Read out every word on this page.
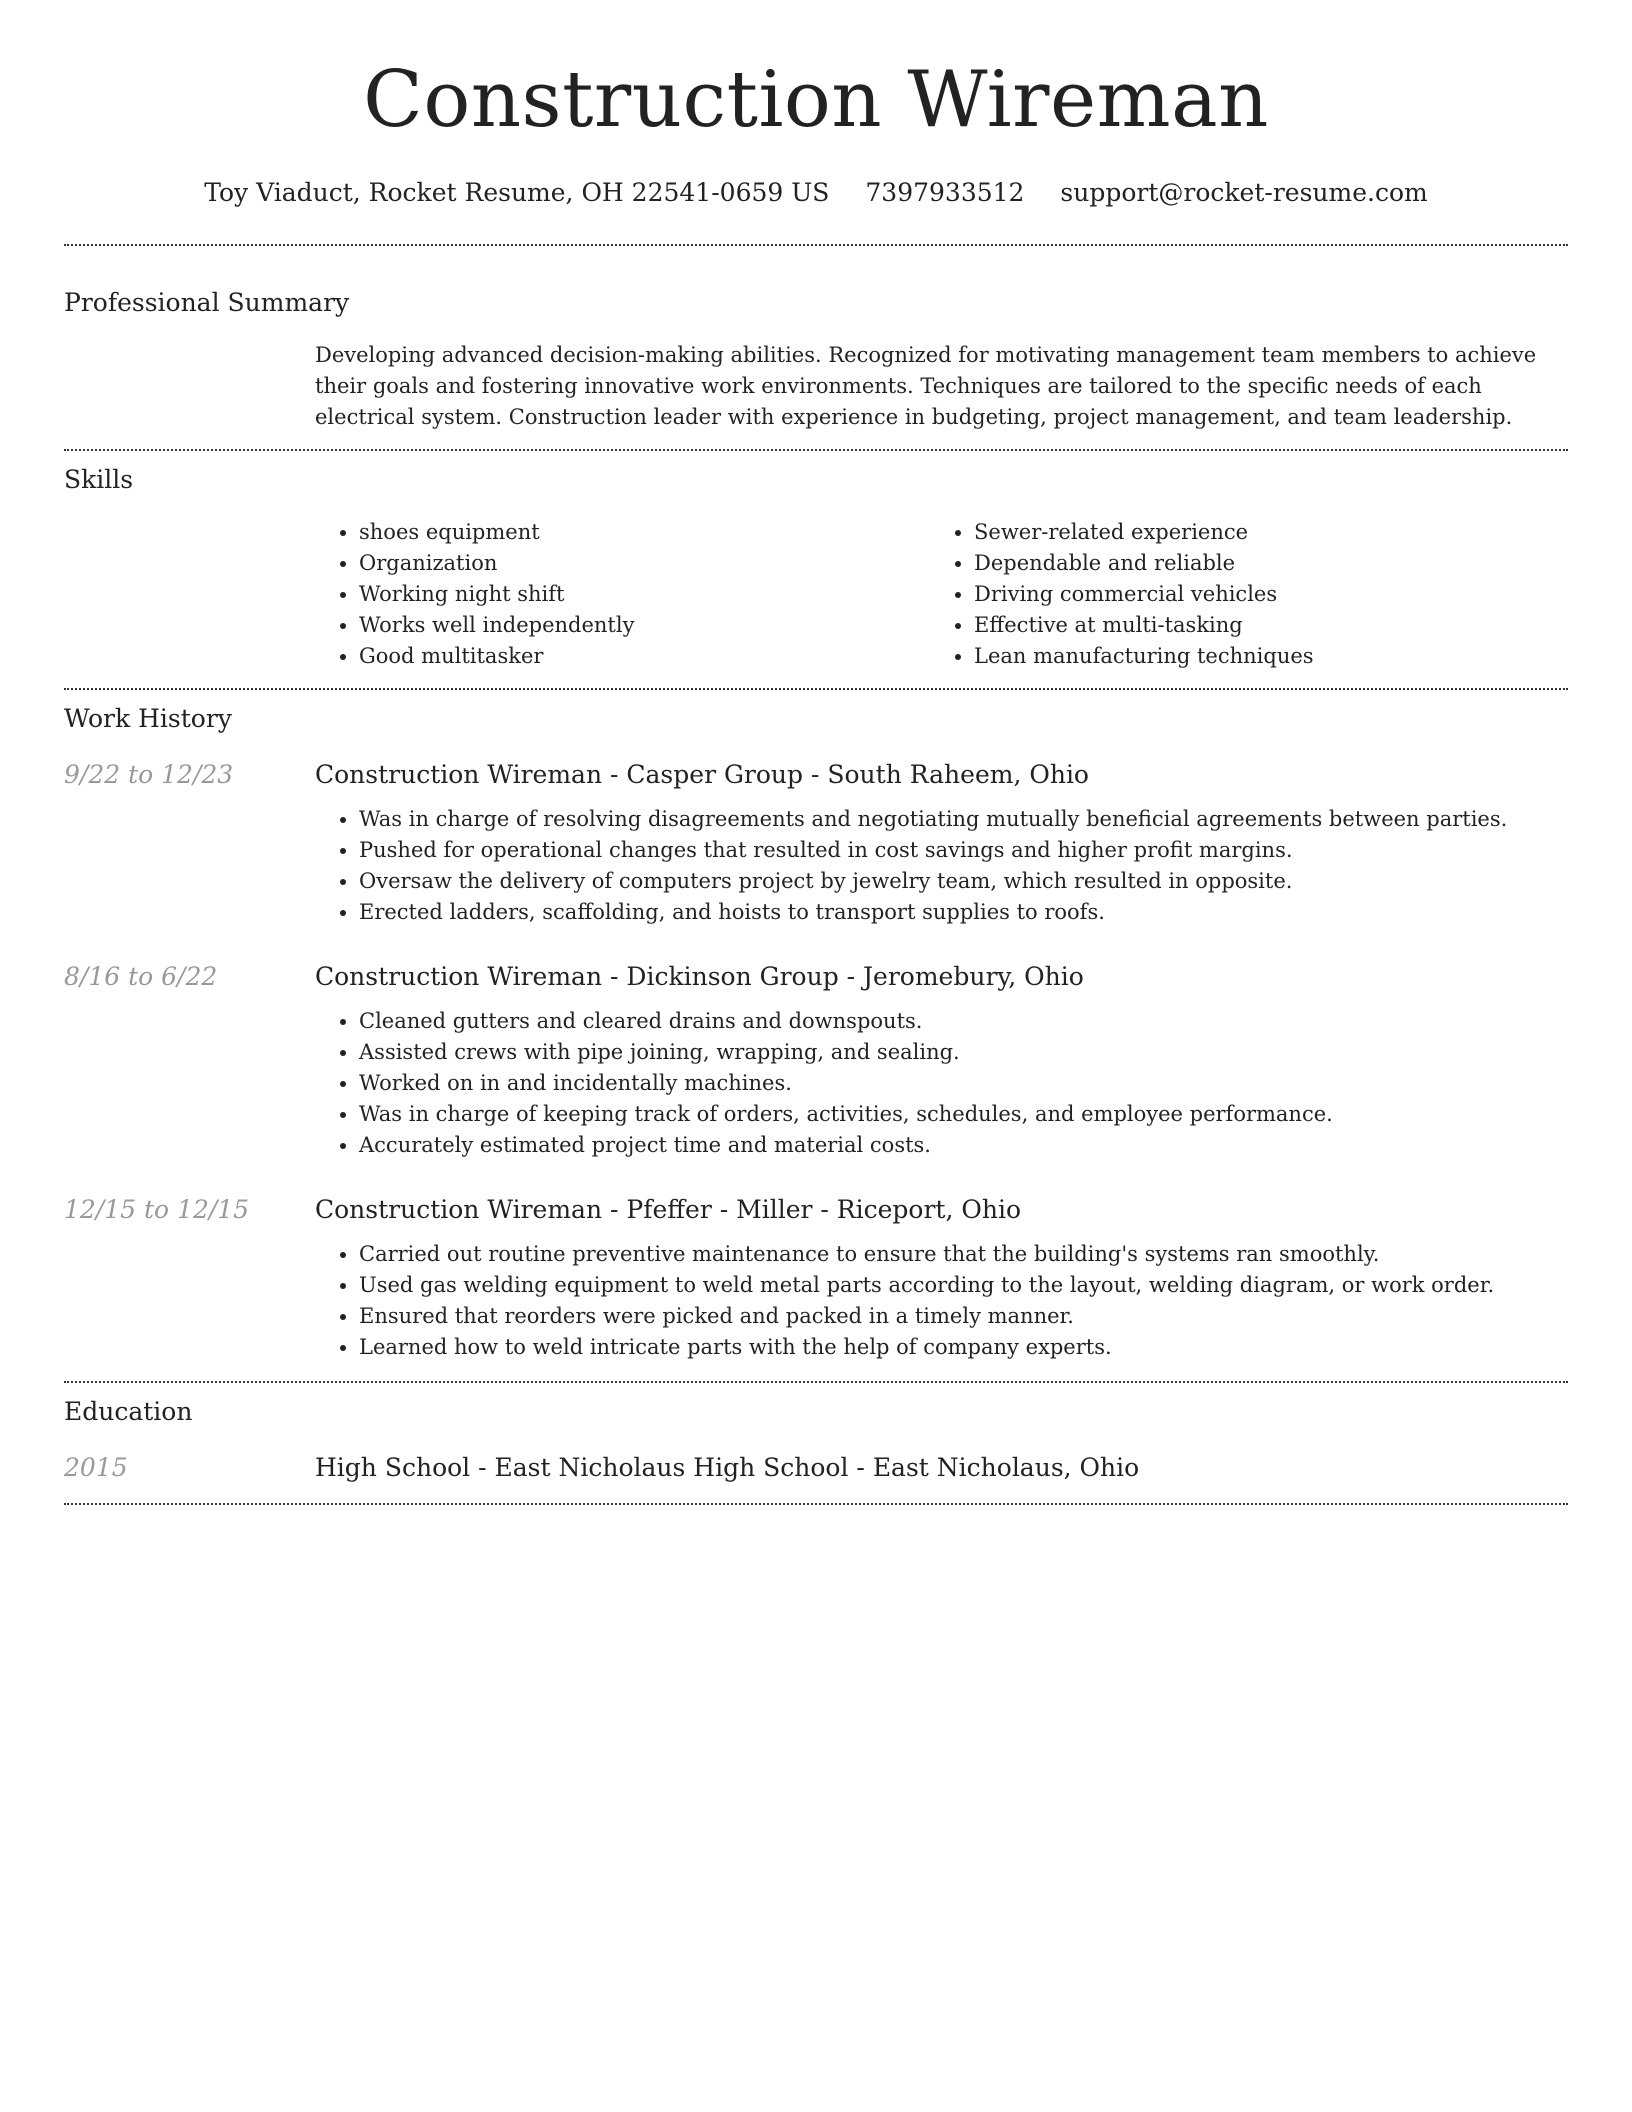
Construction Wireman
Toy Viaduct, Rocket Resume, OH 22541-0659 US 7397933512 support@rocket-resume.com
Professional Summary
Developing advanced decision-making abilities. Recognized for motivating management team members to achieve their goals and fostering innovative work environments. Techniques are tailored to the specific needs of each electrical system. Construction leader with experience in budgeting, project management, and team leadership.
Skills
• shoes equipment
• Organization
• Working night shift
• Works well independently
• Good multitasker
• Sewer-related experience
• Dependable and reliable
• Driving commercial vehicles
• Effective at multi-tasking
• Lean manufacturing techniques
Work History
9/22 to 12/23	Construction Wireman - Casper Group - South Raheem, Ohio
• Was in charge of resolving disagreements and negotiating mutually beneficial agreements between parties.
• Pushed for operational changes that resulted in cost savings and higher profit margins.
• Oversaw the delivery of computers project by jewelry team, which resulted in opposite.
• Erected ladders, scaffolding, and hoists to transport supplies to roofs.
8/16 to 6/22	Construction Wireman - Dickinson Group - Jeromebury, Ohio
• Cleaned gutters and cleared drains and downspouts.
• Assisted crews with pipe joining, wrapping, and sealing.
• Worked on in and incidentally machines.
• Was in charge of keeping track of orders, activities, schedules, and employee performance.
• Accurately estimated project time and material costs.
12/15 to 12/15	Construction Wireman - Pfeffer - Miller - Riceport, Ohio
• Carried out routine preventive maintenance to ensure that the building's systems ran smoothly.
• Used gas welding equipment to weld metal parts according to the layout, welding diagram, or work order.
• Ensured that reorders were picked and packed in a timely manner.
• Learned how to weld intricate parts with the help of company experts.
Education
2015	High School - East Nicholaus High School - East Nicholaus, Ohio
